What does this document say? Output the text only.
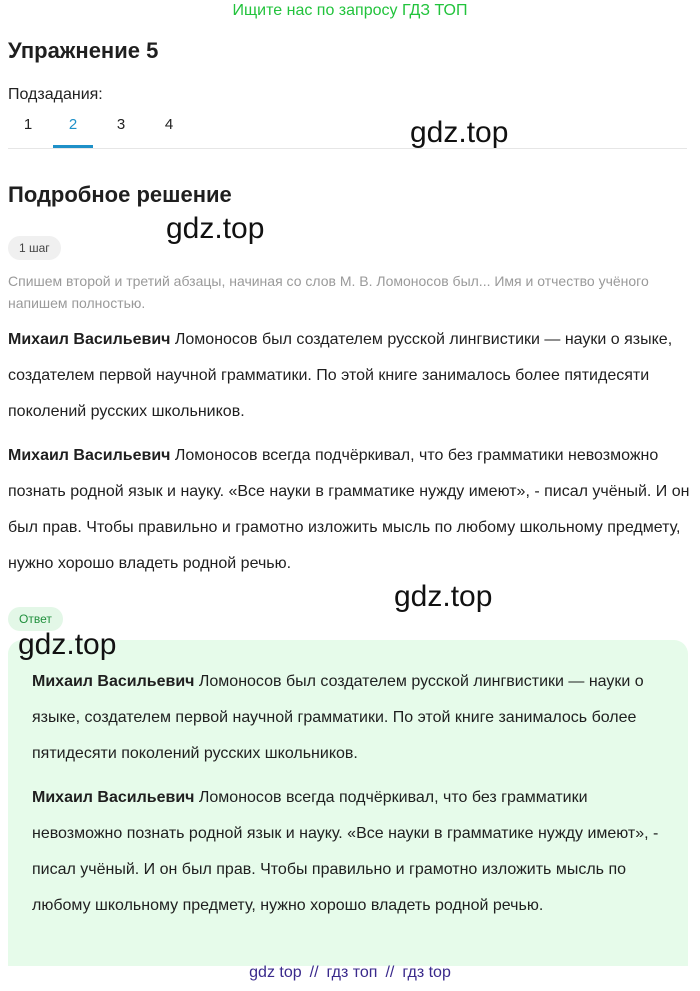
Ищите нас по запросу ГДЗ ТОП
Упражнение 5
Подзадания:
1	2	3	4
Подробное решение
1 шаг
Спишем второй и третий абзацы, начиная со слов М. В. Ломоносов был... Имя и отчество учёного напишем полностью.
Михаил Васильевич Ломоносов был создателем русской лингвистики — науки о языке, создателем первой научной грамматики. По этой книге занималось более пятидесяти поколений русских школьников.
Михаил Васильевич Ломоносов всегда подчёркивал, что без грамматики невозможно познать родной язык и науку. «Все науки в грамматике нужду имеют», - писал учёный. И он был прав. Чтобы правильно и грамотно изложить мысль по любому школьному предмету, нужно хорошо владеть родной речью.
Ответ
Михаил Васильевич Ломоносов был создателем русской лингвистики — науки о языке, создателем первой научной грамматики. По этой книге занималось более пятидесяти поколений русских школьников.
Михаил Васильевич Ломоносов всегда подчёркивал, что без грамматики невозможно познать родной язык и науку. «Все науки в грамматике нужду имеют», - писал учёный. И он был прав. Чтобы правильно и грамотно изложить мысль по любому школьному предмету, нужно хорошо владеть родной речью.
gdz.top
gdz.top
gdz.top
gdz.top
gdz top // гдз топ // гдз top
